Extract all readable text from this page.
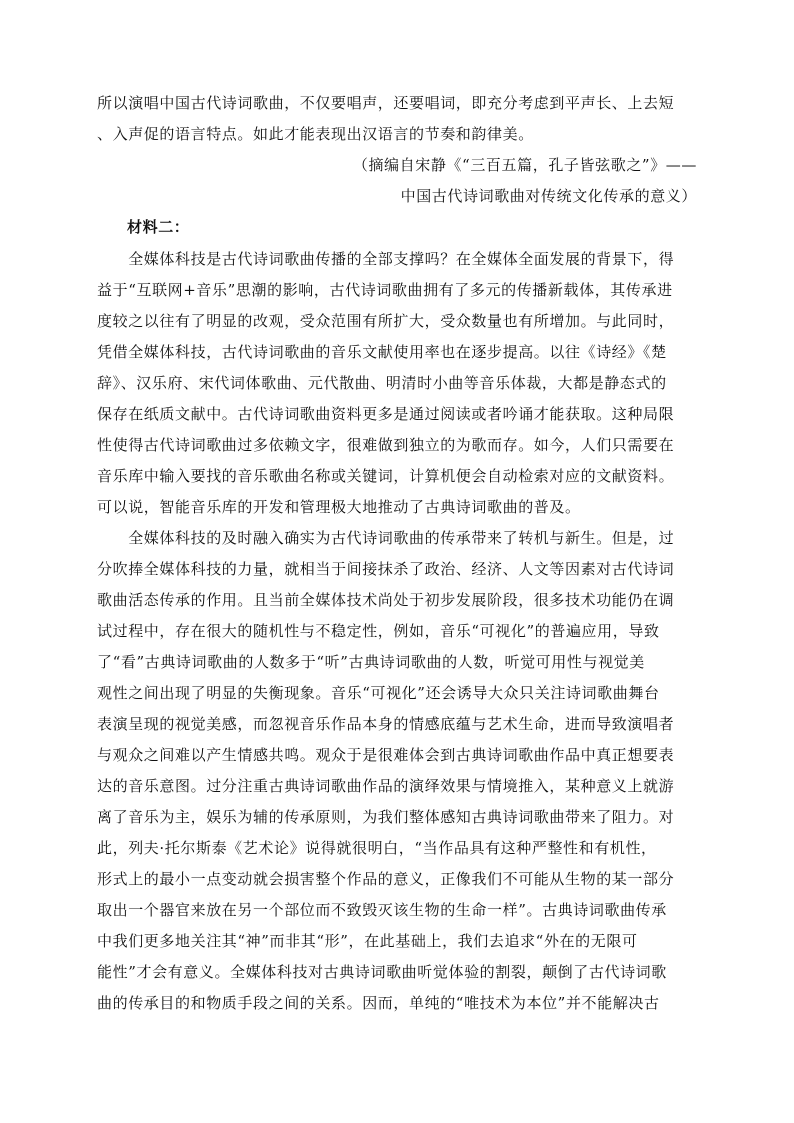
所以演唱中国古代诗词歌曲，不仅要唱声，还要唱词，即充分考虑到平声长、上去短
、入声促的语言特点。如此才能表现出汉语言的节奏和韵律美。
（摘编自宋静《“三百五篇，孔子皆弦歌之”》——
中国古代诗词歌曲对传统文化传承的意义）
材料二：
　　全媒体科技是古代诗词歌曲传播的全部支撑吗？在全媒体全面发展的背景下，得
益于“互联网+音乐”思潮的影响，古代诗词歌曲拥有了多元的传播新载体，其传承进
度较之以往有了明显的改观，受众范围有所扩大，受众数量也有所增加。与此同时，
凭借全媒体科技，古代诗词歌曲的音乐文献使用率也在逐步提高。以往《诗经》《楚
辞》、汉乐府、宋代词体歌曲、元代散曲、明清时小曲等音乐体裁，大都是静态式的
保存在纸质文献中。古代诗词歌曲资料更多是通过阅读或者吟诵才能获取。这种局限
性使得古代诗词歌曲过多依赖文字，很难做到独立的为歌而存。如今，人们只需要在
音乐库中输入要找的音乐歌曲名称或关键词，计算机便会自动检索对应的文献资料。
可以说，智能音乐库的开发和管理极大地推动了古典诗词歌曲的普及。
　　全媒体科技的及时融入确实为古代诗词歌曲的传承带来了转机与新生。但是，过
分吹捧全媒体科技的力量，就相当于间接抹杀了政治、经济、人文等因素对古代诗词
歌曲活态传承的作用。且当前全媒体技术尚处于初步发展阶段，很多技术功能仍在调
试过程中，存在很大的随机性与不稳定性，例如，音乐“可视化”的普遍应用，导致
了“看”古典诗词歌曲的人数多于“听”古典诗词歌曲的人数，听觉可用性与视觉美
观性之间出现了明显的失衡现象。音乐“可视化”还会诱导大众只关注诗词歌曲舞台
表演呈现的视觉美感，而忽视音乐作品本身的情感底蕴与艺术生命，进而导致演唱者
与观众之间难以产生情感共鸣。观众于是很难体会到古典诗词歌曲作品中真正想要表
达的音乐意图。过分注重古典诗词歌曲作品的演绎效果与情境推入，某种意义上就游
离了音乐为主，娱乐为辅的传承原则，为我们整体感知古典诗词歌曲带来了阻力。对
此，列夫·托尔斯泰《艺术论》说得就很明白，“当作品具有这种严整性和有机性，
形式上的最小一点变动就会损害整个作品的意义，正像我们不可能从生物的某一部分
取出一个器官来放在另一个部位而不致毁灭该生物的生命一样”。古典诗词歌曲传承
中我们更多地关注其“神”而非其“形”，在此基础上，我们去追求“外在的无限可
能性”才会有意义。全媒体科技对古典诗词歌曲听觉体验的割裂，颠倒了古代诗词歌
曲的传承目的和物质手段之间的关系。因而，单纯的“唯技术为本位”并不能解决古
